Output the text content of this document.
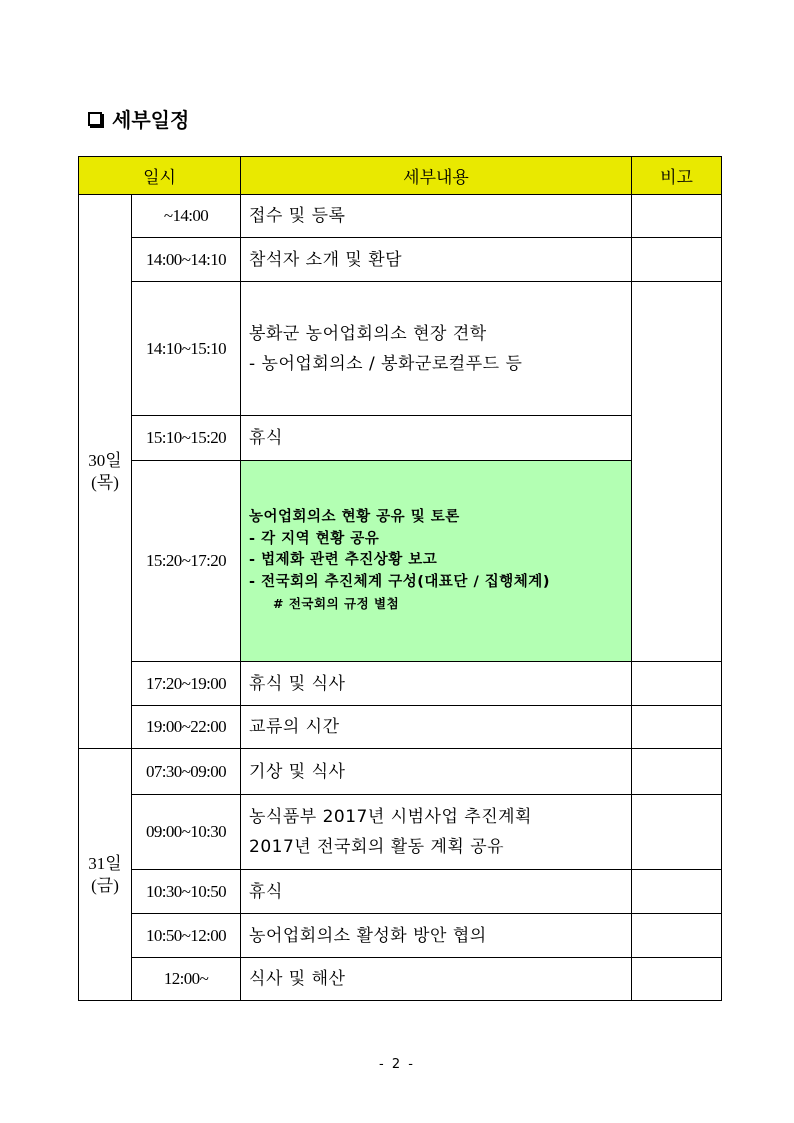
세부일정
일시		세부내용	비고

30일
(목)	~14:00	접수 및 등록	

	14:00~14:10	참석자 소개 및 환담	

	14:10~15:10	봉화군 농어업회의소 현장 견학
- 농어업회의소 / 봉화군로컬푸드 등	

	15:10~15:20	휴식	

	15:20~17:20	농어업회의소 현황 공유 및 토론
- 각 지역 현황 공유
- 법제화 관련 추진상황 보고
- 전국회의 추진체계 구성(대표단 / 집행체계)
# 전국회의 규정 별첨	

	17:20~19:00	휴식 및 식사	

	19:00~22:00	교류의 시간	

31일
(금)	07:30~09:00	기상 및 식사	

	09:00~10:30	농식품부 2017년 시범사업 추진계획
2017년 전국회의 활동 계획 공유	

	10:30~10:50	휴식	

	10:50~12:00	농어업회의소 활성화 방안 협의	

	12:00~	식사 및 해산	

- 2 -
